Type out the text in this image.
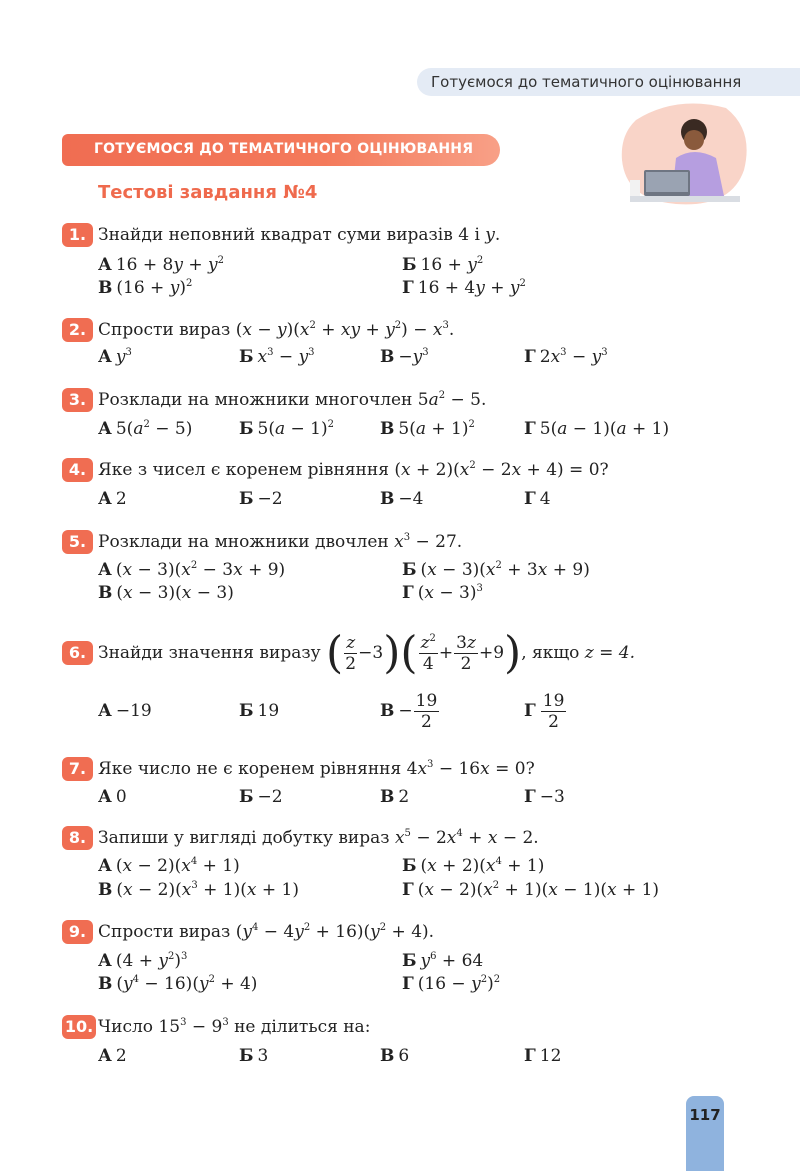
Готуємося до тематичного оцінювання
ГОТУЄМОСЯ ДО ТЕМАТИЧНОГО ОЦІНЮВАННЯ
Тестові завдання №4
1. Знайди неповний квадрат суми виразів 4 і y.
А $16 + 8y + y^2$	Б $16 + y^2$
В $(16 + y)^2$	Г $16 + 4y + y^2$
2. Спрости вираз $(x - y)(x^2$ + xy + $y^2) - x^3$.
А $y^3$	Б $x^3 - y^3$	$В -y^3$	Г $2x^3 - y^3$
3. Розклади на множники многочлен $5a^2 - 5$.
А $5(a^2 - 5)$	Б $5(a - 1)^2$	В $5(a + 1)^2$	Г 5(a − 1)(a + 1)
4. Яке з чисел є коренем рівняння $(x + 2)(x^2 - 2x + 4) = 0$?
А 2	Б −2	В −4	Г 4
5. Розклади на множники двочлен $x^3 - 27$.
А $(x - 3)(x^2 - 3x + 9)$	Б $(x - 3)(x^2 + 3x + 9)$
В (x − 3)(x − 3)	Г $(x - 3)^3$
6. Знайди значення виразу ( $\frac{z}{2} -3)( \frac{z^2}{4} + \frac{3z}{2} +9)$, якщо z = 4.
А −19	Б 19	$В - \frac{19}{2}$	Г $\frac{19}{2}$
7. Яке число не є коренем рівняння $4x^3 - 16x = 0$?
А 0	Б −2	В 2	Г −3
8. Запиши у вигляді добутку вираз $x^5 - 2x^4 + x - 2$.
А $(x - 2)(x^4 + 1)$	Б $(x + 2)(x^4 + 1)$
В $(x - 2)(x^3 + 1)(x + 1)$	Г $(x - 2)(x^2 + 1)(x - 1)(x + 1)$
9. Спрости вираз $(y^4 - 4y^2 + 16)(y^2 + 4)$.
А $(4 + y^2)^3$	Б $y^6 + 64$
В $(y^4 - 16)(y^2 + 4)$	Г $(16 - y^2)^2$
10. Число $15^3 - 9^3$ не ділиться на:
А 2	Б 3	В 6	Г 12
117
